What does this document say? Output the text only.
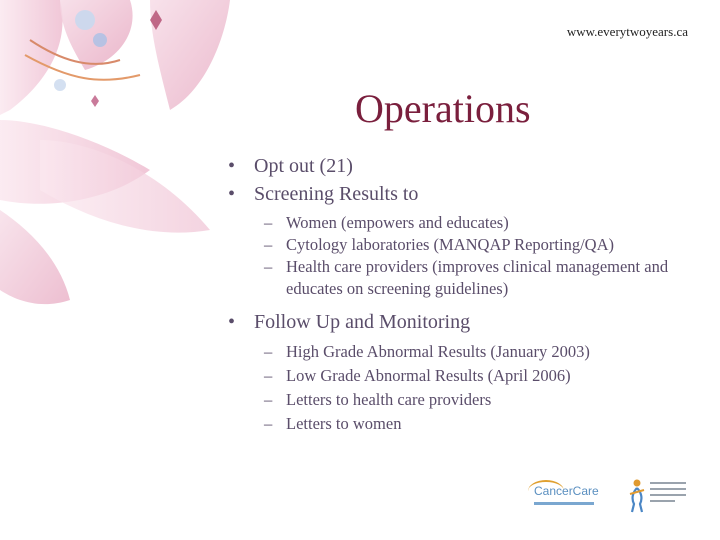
www.everytwoyears.ca
Operations
• Opt out (21)
• Screening Results to
– Women (empowers and educates)
– Cytology laboratories (MANQAP Reporting/QA)
– Health care providers (improves clinical management and educates on screening guidelines)
• Follow Up and Monitoring
– High Grade Abnormal Results (January 2003)
– Low Grade Abnormal Results (April 2006)
– Letters to health care providers
– Letters to women
CancerCare
